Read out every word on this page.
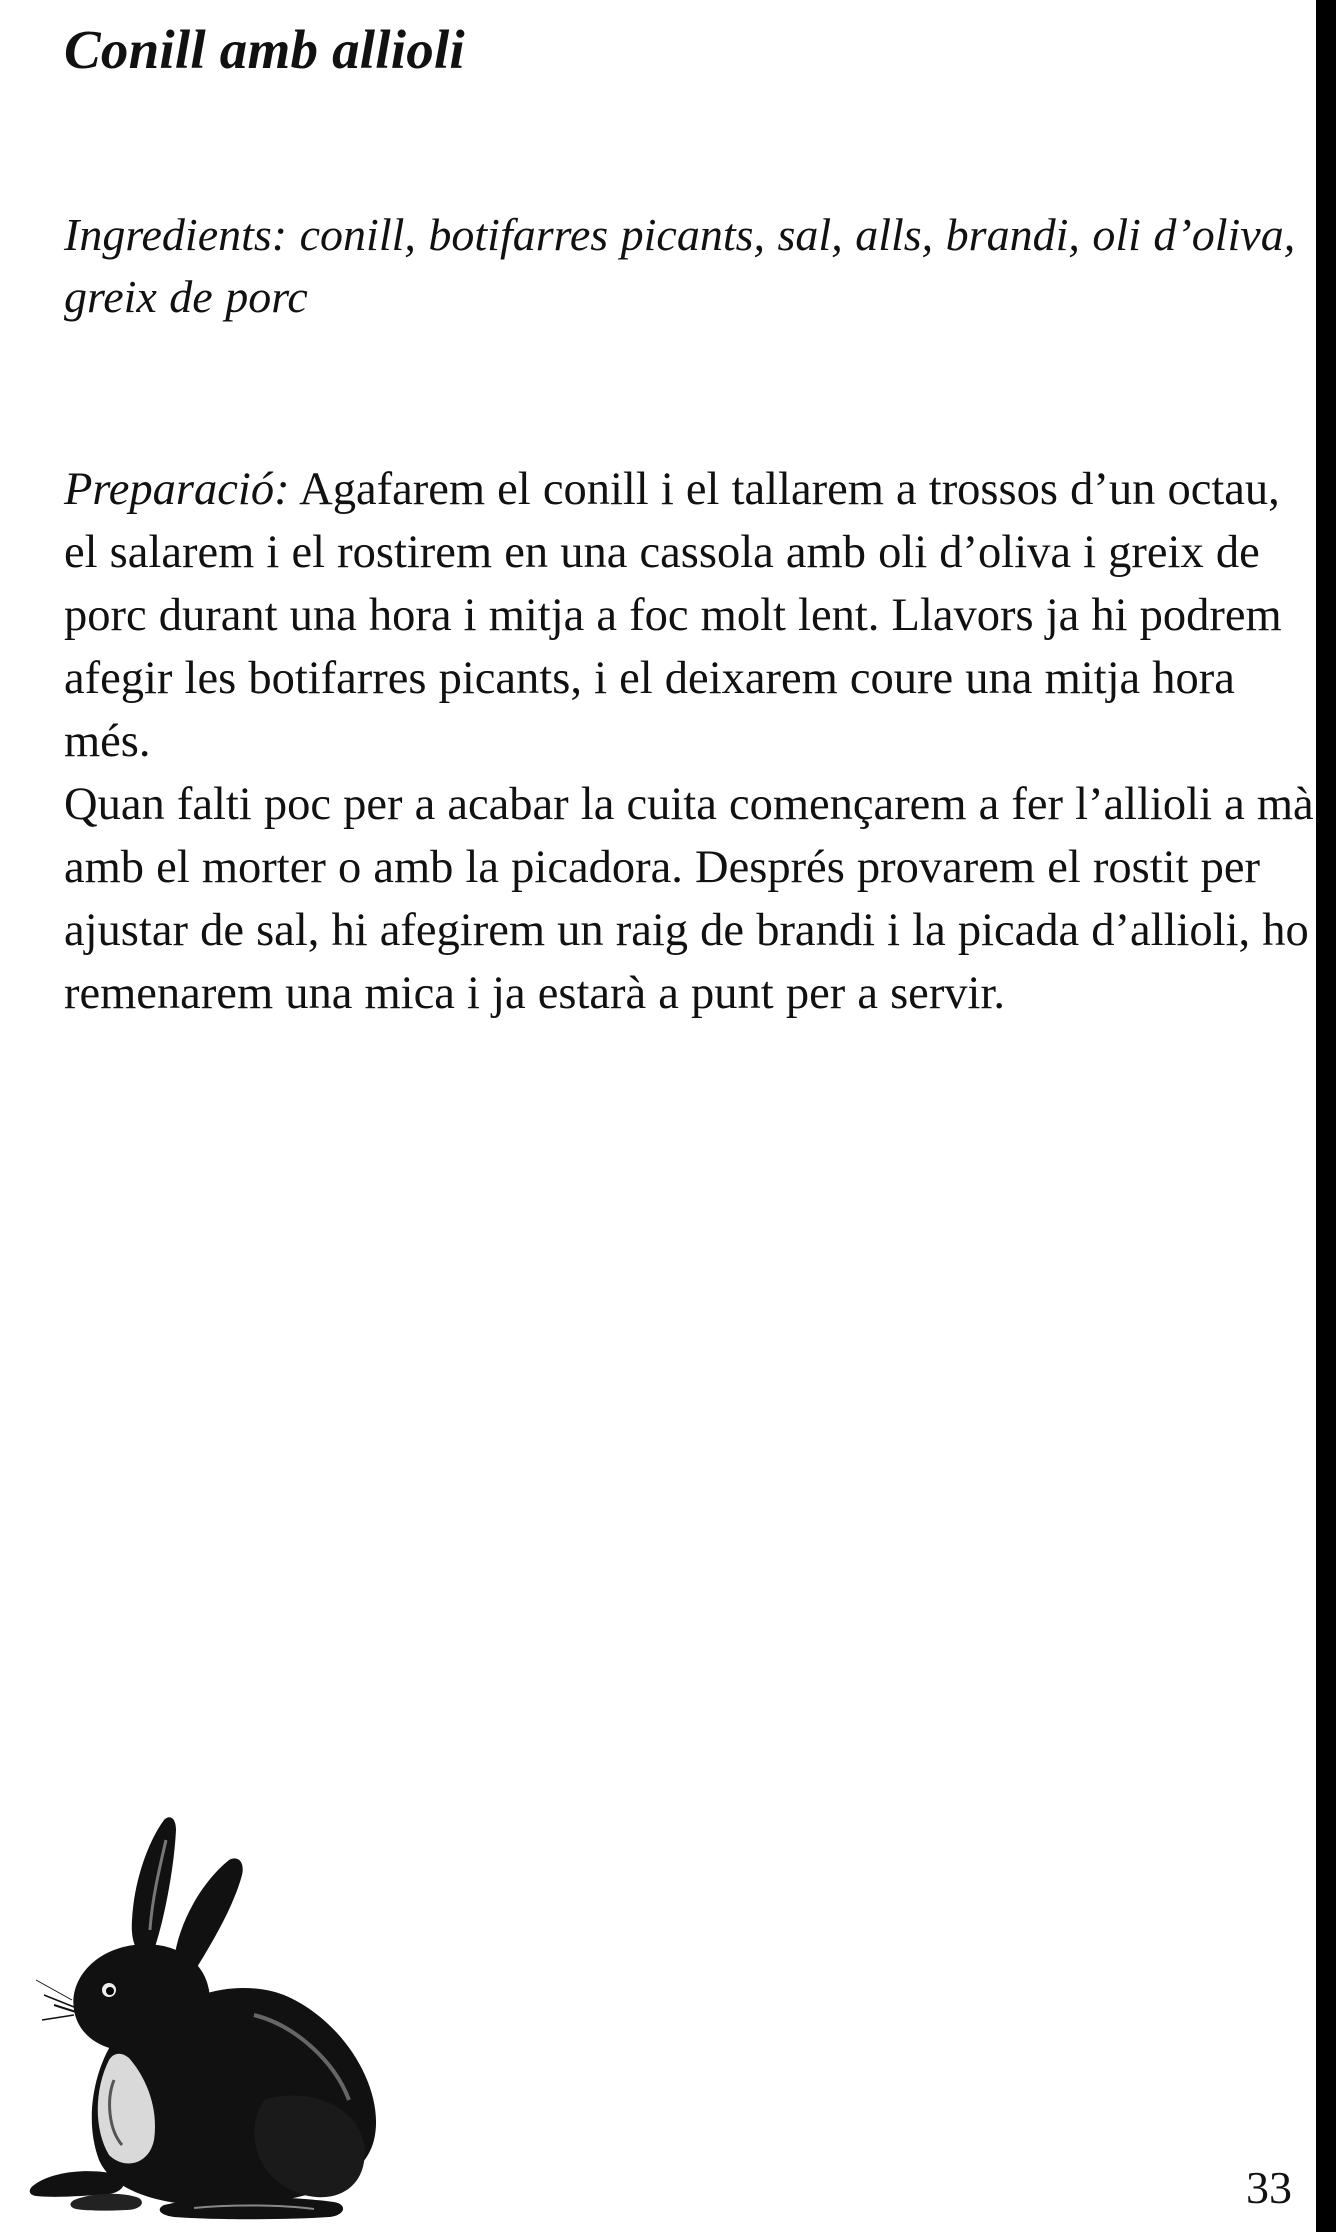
Conill amb allioli

Ingredients: conill, botifarres picants, sal, alls, brandi, oli d’oliva, greix de porc

Preparació: Agafarem el conill i el tallarem a trossos d’un octau, el salarem i el rostirem en una cassola amb oli d’oliva i greix de porc durant una hora i mitja a foc molt lent. Llavors ja hi podrem afegir les botifarres picants, i el deixarem coure una mitja hora més.
Quan falti poc per a acabar la cuita començarem a fer l’allioli a mà amb el morter o amb la picadora. Després provarem el rostit per ajustar de sal, hi afegirem un raig de brandi i la picada d’allioli, ho remenarem una mica i ja estarà a punt per a servir.
33
